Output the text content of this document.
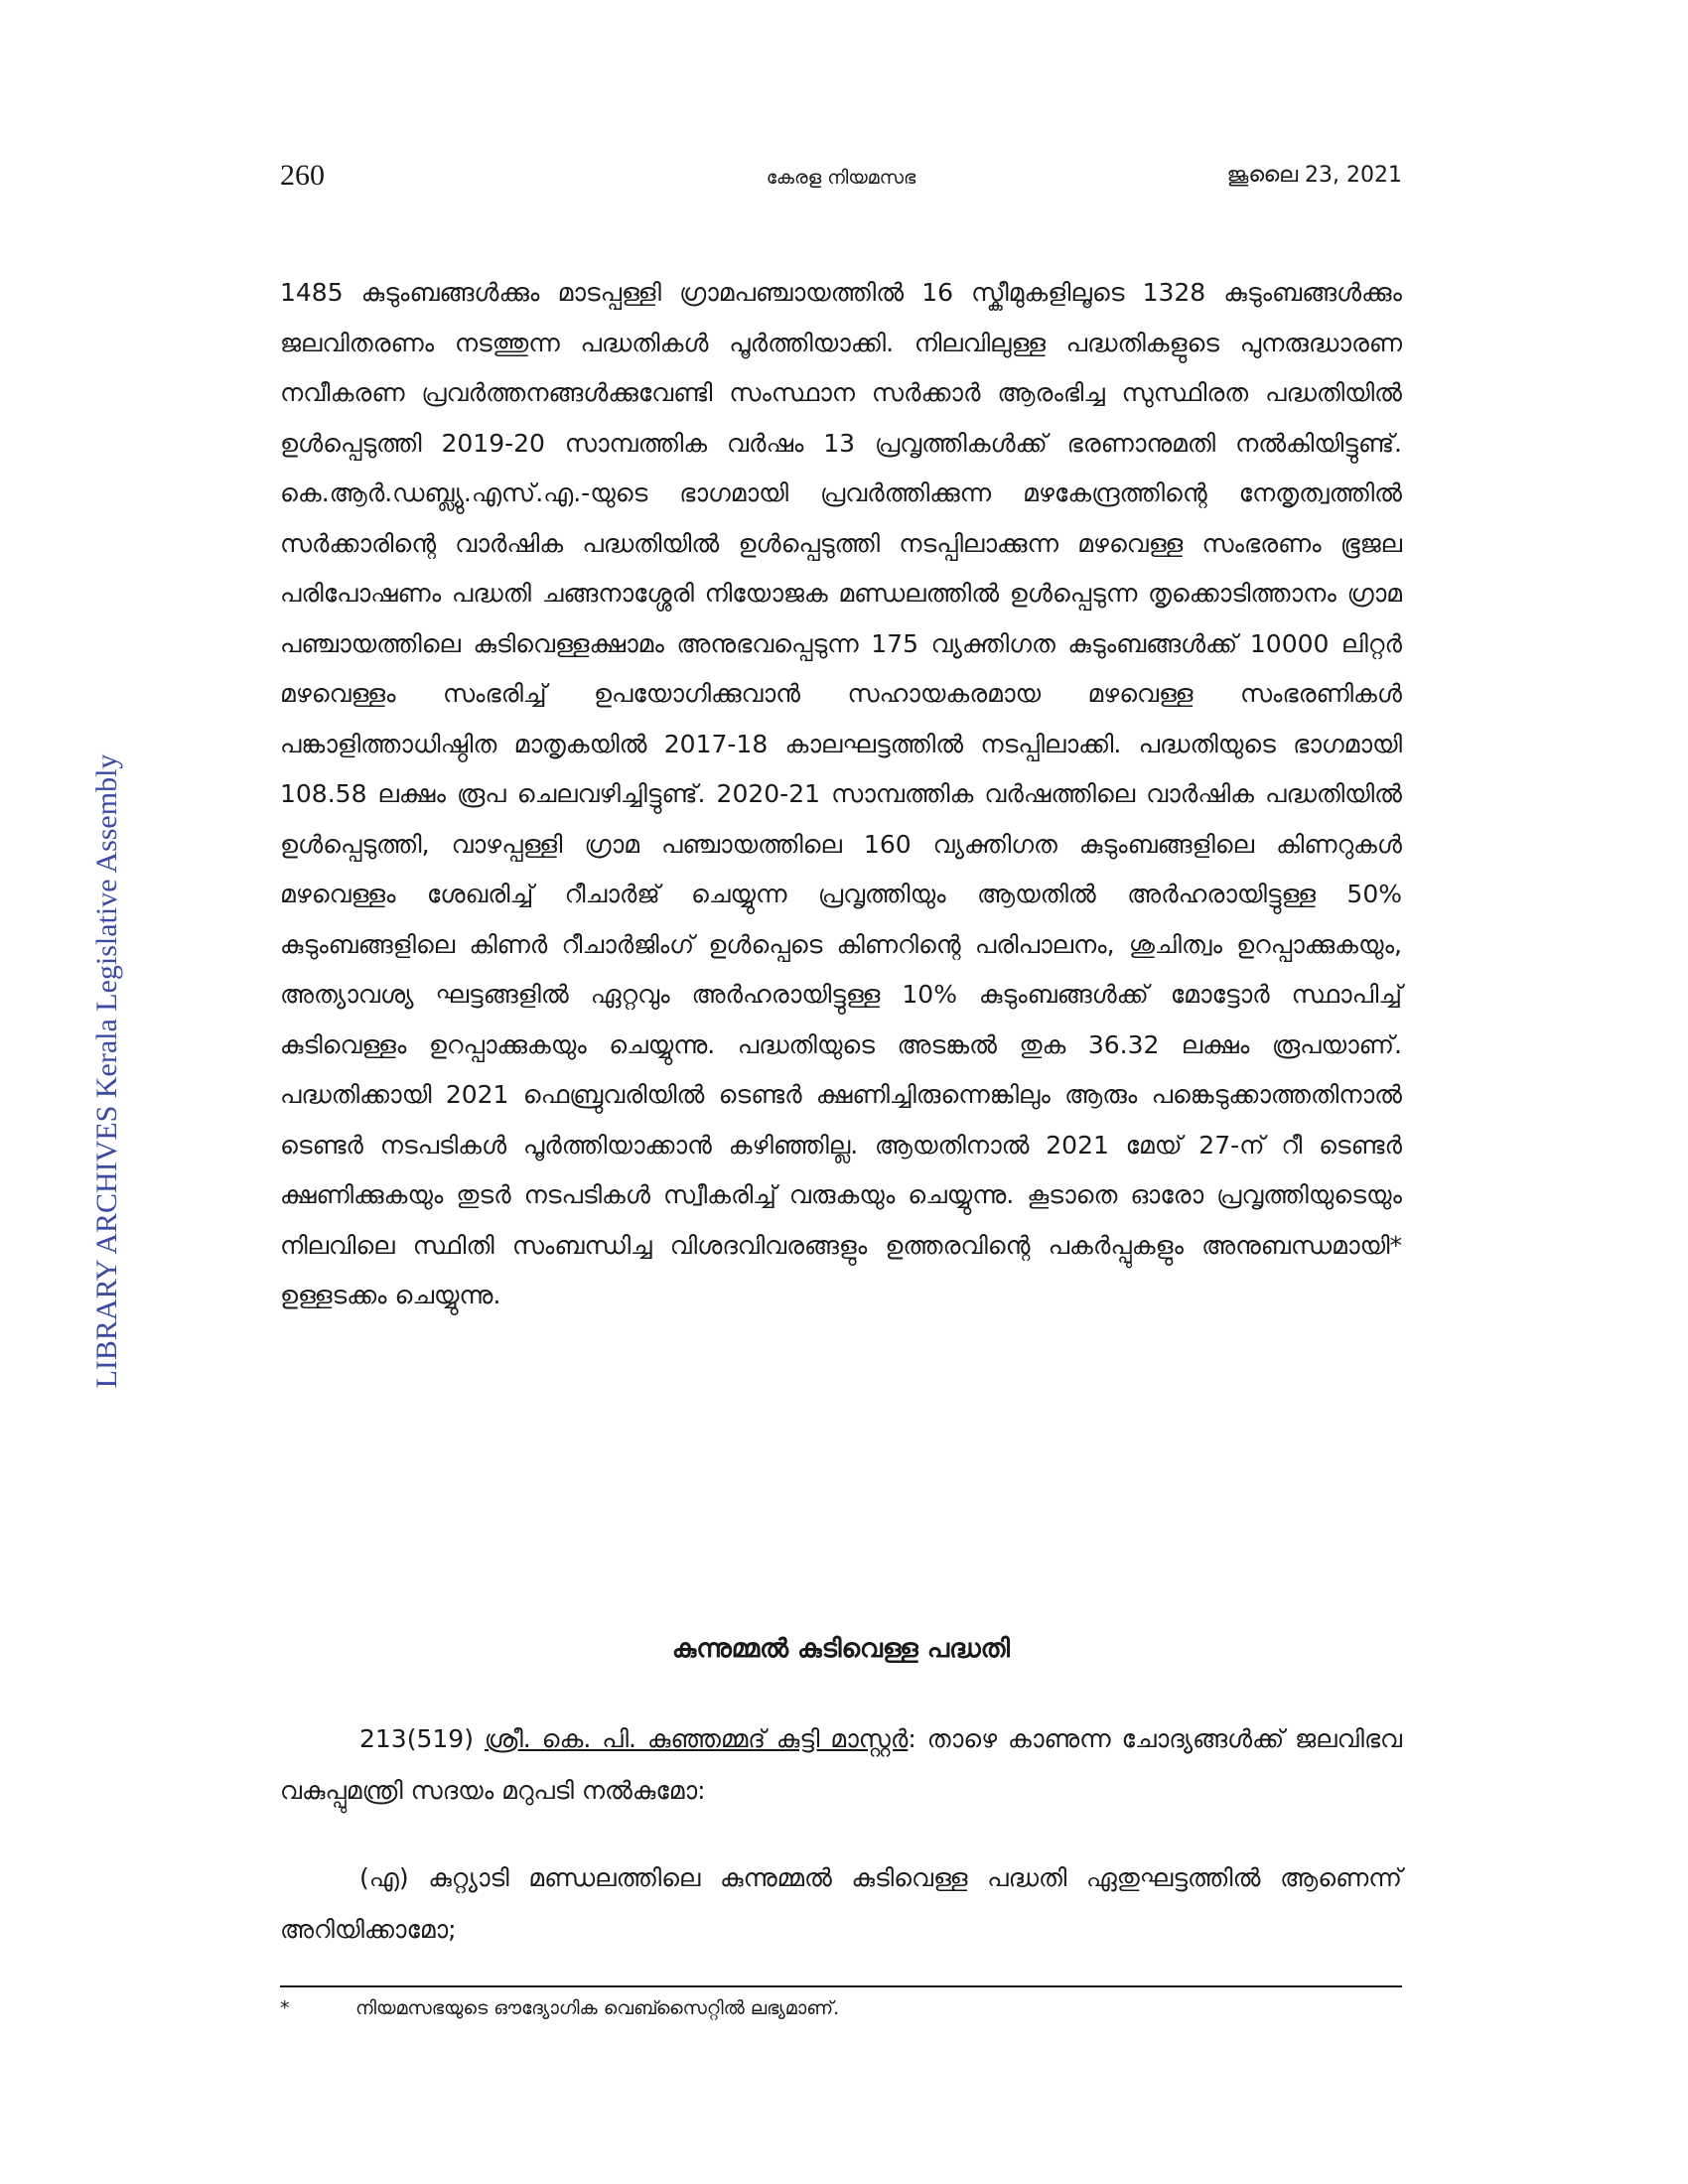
260	കേരള നിയമസഭ	ജൂലൈ 23, 2021
LIBRARY ARCHIVES Kerala Legislative Assembly
1485 കുടുംബങ്ങൾക്കും മാടപ്പള്ളി ഗ്രാമപഞ്ചായത്തിൽ 16 സ്കീമുകളിലൂടെ 1328 കുടുംബങ്ങൾക്കും ജലവിതരണം നടത്തുന്ന പദ്ധതികൾ പൂർത്തിയാക്കി. നിലവിലുള്ള പദ്ധതികളുടെ പുനരുദ്ധാരണ നവീകരണ പ്രവർത്തനങ്ങൾക്കുവേണ്ടി സംസ്ഥാന സർക്കാർ ആരംഭിച്ച സുസ്ഥിരത പദ്ധതിയിൽ ഉൾപ്പെടുത്തി 2019-20 സാമ്പത്തിക വർഷം 13 പ്രവൃത്തികൾക്ക് ഭരണാനുമതി നൽകിയിട്ടുണ്ട്. കെ.ആർ.ഡബ്ല്യു.എസ്.എ.-യുടെ ഭാഗമായി പ്രവർത്തിക്കുന്ന മഴകേന്ദ്രത്തിന്റെ നേതൃത്വത്തിൽ സർക്കാരിന്റെ വാർഷിക പദ്ധതിയിൽ ഉൾപ്പെടുത്തി നടപ്പിലാക്കുന്ന മഴവെള്ള സംഭരണം ഭൂജല പരിപോഷണം പദ്ധതി ചങ്ങനാശ്ശേരി നിയോജക മണ്ഡലത്തിൽ ഉൾപ്പെടുന്ന തൃക്കൊടിത്താനം ഗ്രാമ പഞ്ചായത്തിലെ കുടിവെള്ളക്ഷാമം അനുഭവപ്പെടുന്ന 175 വ്യക്തിഗത കുടുംബങ്ങൾക്ക് 10000 ലിറ്റർ മഴവെള്ളം സംഭരിച്ച് ഉപയോഗിക്കുവാൻ സഹായകരമായ മഴവെള്ള സംഭരണികൾ പങ്കാളിത്താധിഷ്ഠിത മാതൃകയിൽ 2017-18 കാലഘട്ടത്തിൽ നടപ്പിലാക്കി. പദ്ധതിയുടെ ഭാഗമായി 108.58 ലക്ഷം രൂപ ചെലവഴിച്ചിട്ടുണ്ട്. 2020-21 സാമ്പത്തിക വർഷത്തിലെ വാർഷിക പദ്ധതിയിൽ ഉൾപ്പെടുത്തി, വാഴപ്പള്ളി ഗ്രാമ പഞ്ചായത്തിലെ 160 വ്യക്തിഗത കുടുംബങ്ങളിലെ കിണറുകൾ മഴവെള്ളം ശേഖരിച്ച് റീചാർജ് ചെയ്യുന്ന പ്രവൃത്തിയും ആയതിൽ അർഹരായിട്ടുള്ള 50% കുടുംബങ്ങളിലെ കിണർ റീചാർജിംഗ് ഉൾപ്പെടെ കിണറിന്റെ പരിപാലനം, ശുചിത്വം ഉറപ്പാക്കുകയും, അത്യാവശ്യ ഘട്ടങ്ങളിൽ ഏറ്റവും അർഹരായിട്ടുള്ള 10% കുടുംബങ്ങൾക്ക് മോട്ടോർ സ്ഥാപിച്ച് കുടിവെള്ളം ഉറപ്പാക്കുകയും ചെയ്യുന്നു. പദ്ധതിയുടെ അടങ്കൽ തുക 36.32 ലക്ഷം രൂപയാണ്. പദ്ധതിക്കായി 2021 ഫെബ്രുവരിയിൽ ടെണ്ടർ ക്ഷണിച്ചിരുന്നെങ്കിലും ആരും പങ്കെടുക്കാത്തതിനാൽ ടെണ്ടർ നടപടികൾ പൂർത്തിയാക്കാൻ കഴിഞ്ഞില്ല. ആയതിനാൽ 2021 മേയ് 27-ന് റീ ടെണ്ടർ ക്ഷണിക്കുകയും തുടർ നടപടികൾ സ്വീകരിച്ച് വരുകയും ചെയ്യുന്നു. കൂടാതെ ഓരോ പ്രവൃത്തിയുടെയും നിലവിലെ സ്ഥിതി സംബന്ധിച്ച വിശദവിവരങ്ങളും ഉത്തരവിന്റെ പകർപ്പുകളും അനുബന്ധമായി* ഉള്ളടക്കം ചെയ്യുന്നു.
കുന്നുമ്മൽ കുടിവെള്ള പദ്ധതി
213(519) ശ്രീ. കെ. പി. കുഞ്ഞമ്മദ് കുട്ടി മാസ്റ്റർ: താഴെ കാണുന്ന ചോദ്യങ്ങൾക്ക് ജലവിഭവ വകുപ്പുമന്ത്രി സദയം മറുപടി നൽകുമോ:
(എ) കുറ്റ്യാടി മണ്ഡലത്തിലെ കുന്നുമ്മൽ കുടിവെള്ള പദ്ധതി ഏതുഘട്ടത്തിൽ ആണെന്ന് അറിയിക്കാമോ;
*	നിയമസഭയുടെ ഔദ്യോഗിക വെബ്സൈറ്റിൽ ലഭ്യമാണ്.
